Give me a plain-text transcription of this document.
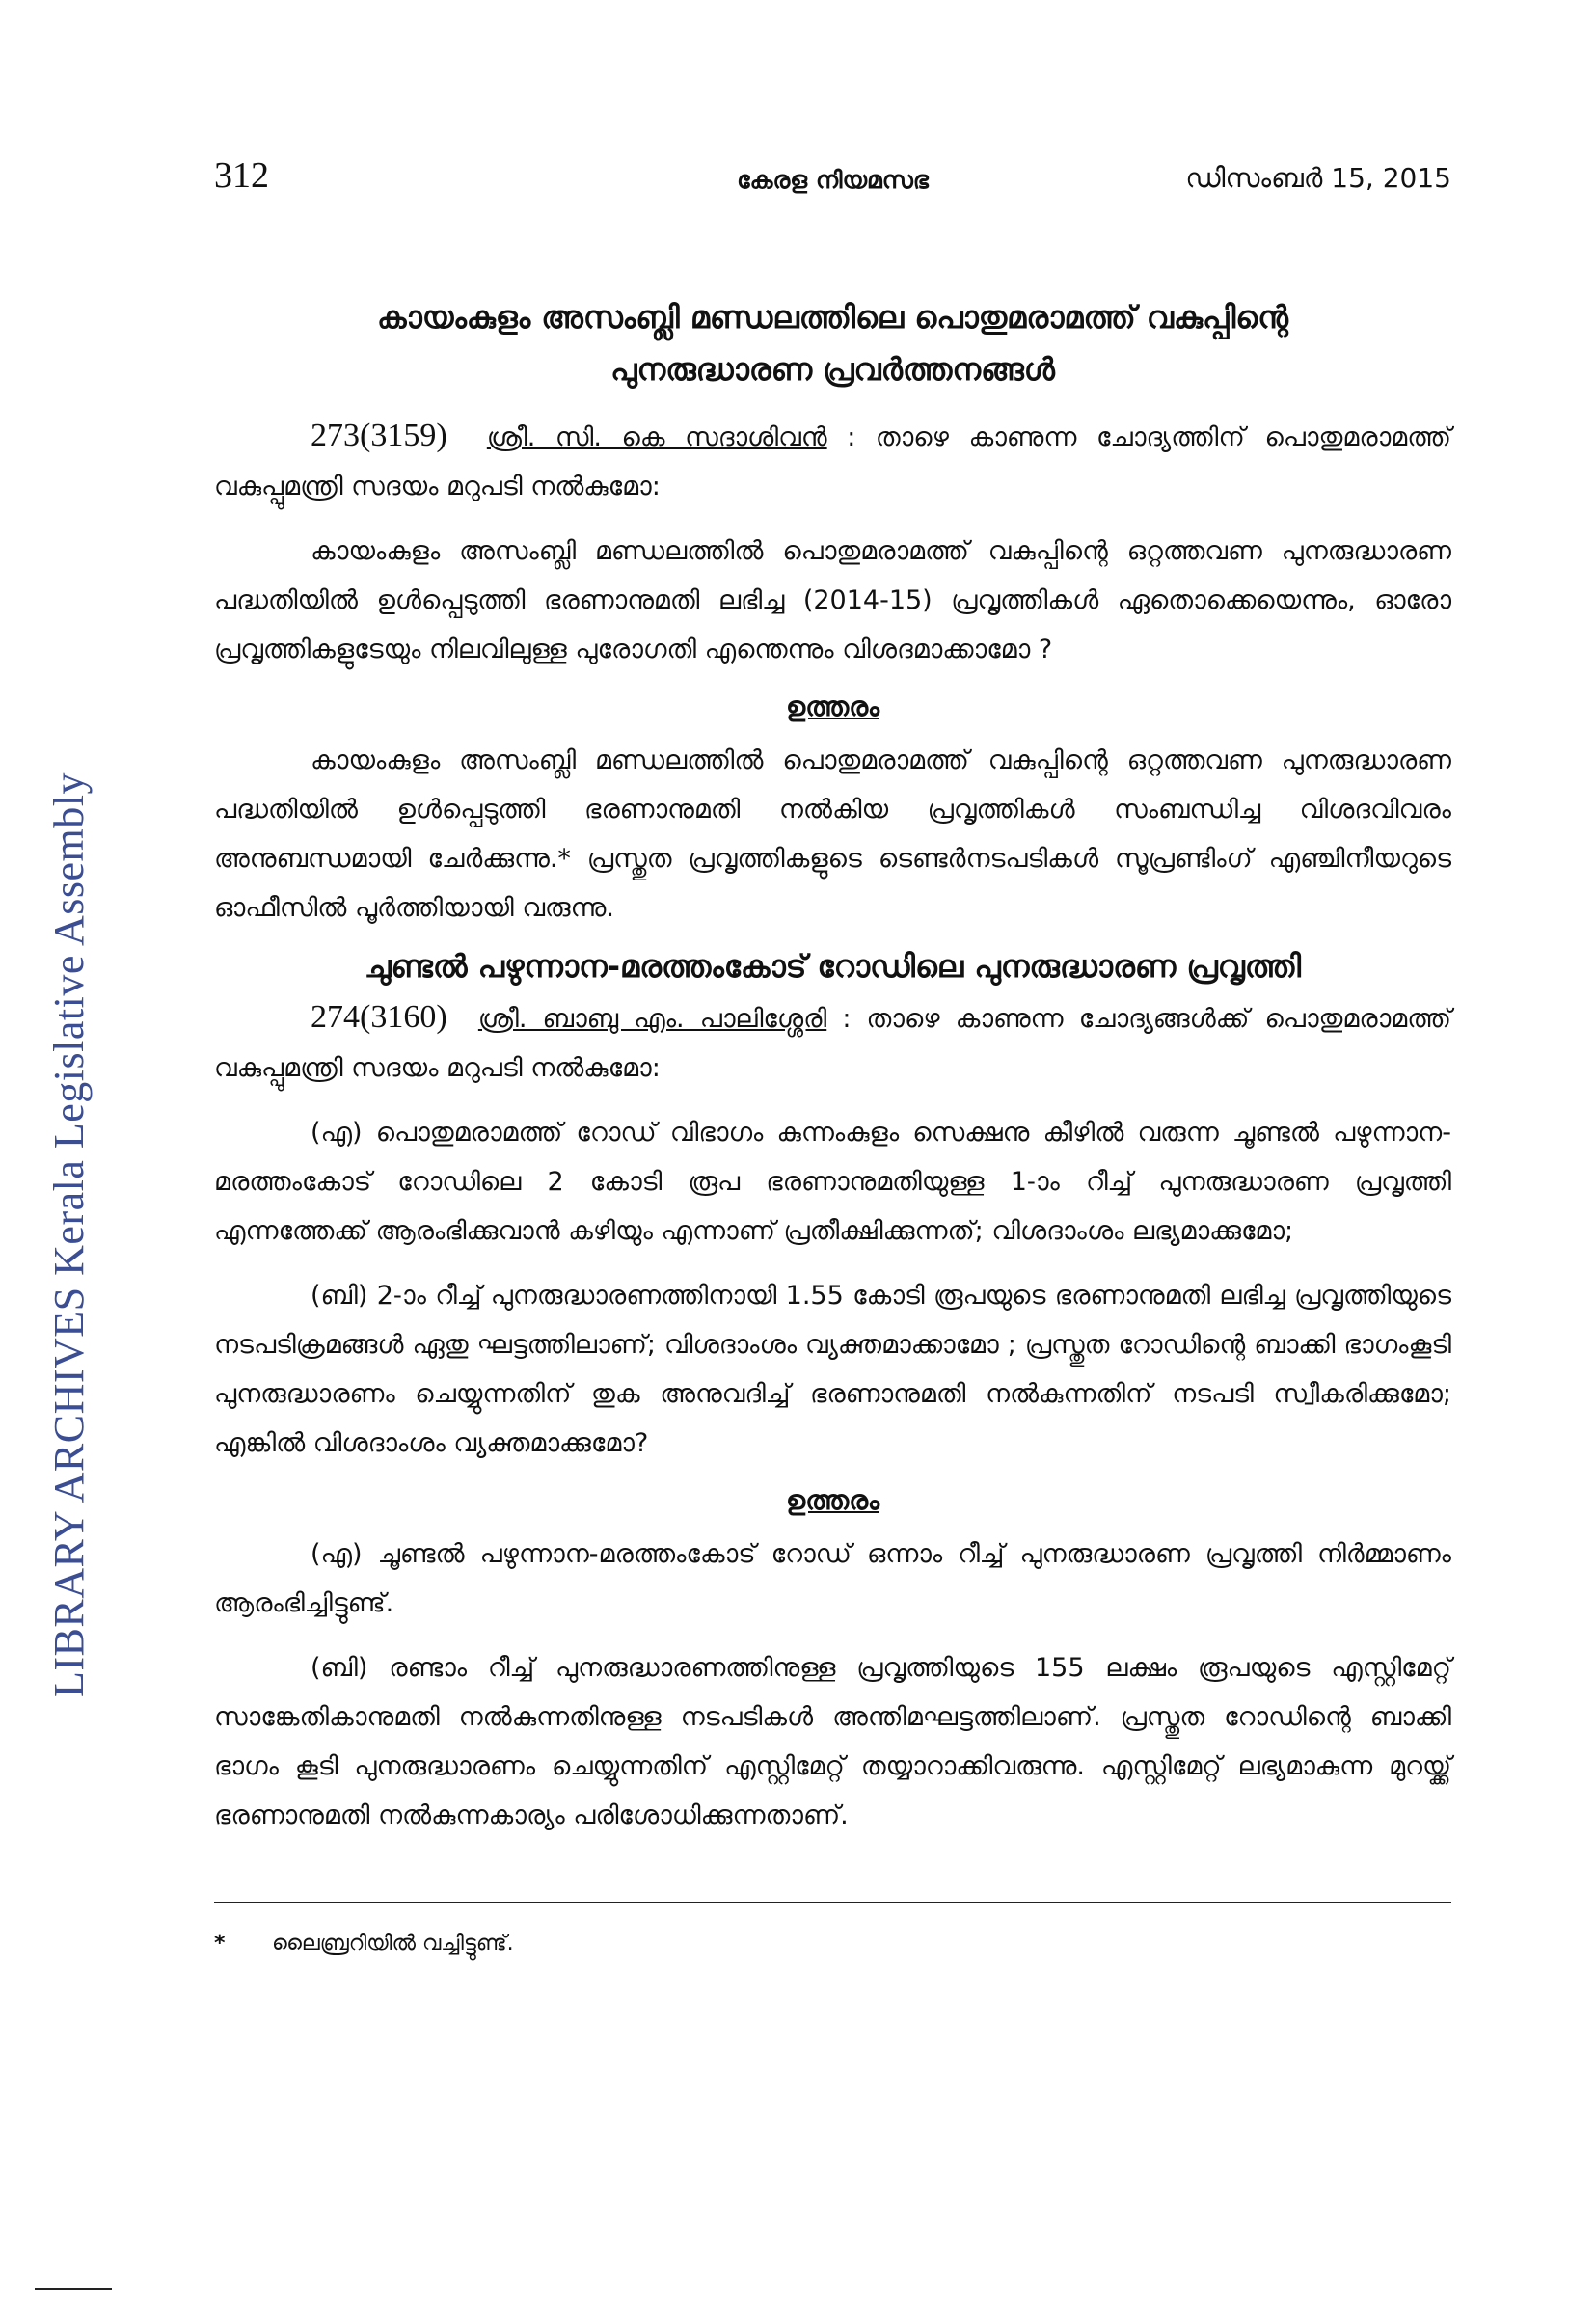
LIBRARY ARCHIVES Kerala Legislative Assembly
312	കേരള നിയമസഭ	ഡിസംബർ 15, 2015
കായംകുളം അസംബ്ലി മണ്ഡലത്തിലെ പൊതുമരാമത്ത് വകുപ്പിന്റെ
പുനരുദ്ധാരണ പ്രവർത്തനങ്ങൾ

273(3159) ശ്രീ. സി. കെ സദാശിവൻ : താഴെ കാണുന്ന ചോദ്യത്തിന് പൊതുമരാമത്ത് വകുപ്പുമന്ത്രി സദയം മറുപടി നൽകുമോ:

കായംകുളം അസംബ്ലി മണ്ഡലത്തിൽ പൊതുമരാമത്ത് വകുപ്പിന്റെ ഒറ്റത്തവണ പുനരുദ്ധാരണ പദ്ധതിയിൽ ഉൾപ്പെടുത്തി ഭരണാനുമതി ലഭിച്ച (2014-15) പ്രവൃത്തികൾ ഏതൊക്കെയെന്നും, ഓരോ പ്രവൃത്തികളുടേയും നിലവിലുള്ള പുരോഗതി എന്തെന്നും വിശദമാക്കാമോ ?

ഉത്തരം

കായംകുളം അസംബ്ലി മണ്ഡലത്തിൽ പൊതുമരാമത്ത് വകുപ്പിന്റെ ഒറ്റത്തവണ പുനരുദ്ധാരണ പദ്ധതിയിൽ ഉൾപ്പെടുത്തി ഭരണാനുമതി നൽകിയ പ്രവൃത്തികൾ സംബന്ധിച്ച വിശദവിവരം അനുബന്ധമായി ചേർക്കുന്നു.* പ്രസ്തുത പ്രവൃത്തികളുടെ ടെണ്ടർനടപടികൾ സൂപ്രണ്ടിംഗ് എഞ്ചിനീയറുടെ ഓഫീസിൽ പൂർത്തിയായി വരുന്നു.

ചുണ്ടൽ പഴുന്നാന-മരത്തംകോട് റോഡിലെ പുനരുദ്ധാരണ പ്രവൃത്തി

274(3160) ശ്രീ. ബാബു എം. പാലിശ്ശേരി : താഴെ കാണുന്ന ചോദ്യങ്ങൾക്ക് പൊതുമരാമത്ത് വകുപ്പുമന്ത്രി സദയം മറുപടി നൽകുമോ:

(എ) പൊതുമരാമത്ത് റോഡ് വിഭാഗം കുന്നംകുളം സെക്ഷനു കീഴിൽ വരുന്ന ചൂണ്ടൽ പഴുന്നാന-മരത്തംകോട് റോഡിലെ 2 കോടി രൂപ ഭരണാനുമതിയുള്ള 1-ാം റീച്ച് പുനരുദ്ധാരണ പ്രവൃത്തി എന്നത്തേക്ക് ആരംഭിക്കുവാൻ കഴിയും എന്നാണ് പ്രതീക്ഷിക്കുന്നത്; വിശദാംശം ലഭ്യമാക്കുമോ;

(ബി) 2-ാം റീച്ച് പുനരുദ്ധാരണത്തിനായി 1.55 കോടി രൂപയുടെ ഭരണാനുമതി ലഭിച്ച പ്രവൃത്തിയുടെ നടപടിക്രമങ്ങൾ ഏതു ഘട്ടത്തിലാണ്; വിശദാംശം വ്യക്തമാക്കാമോ ; പ്രസ്തുത റോഡിന്റെ ബാക്കി ഭാഗംകൂടി പുനരുദ്ധാരണം ചെയ്യുന്നതിന് തുക അനുവദിച്ച് ഭരണാനുമതി നൽകുന്നതിന് നടപടി സ്വീകരിക്കുമോ; എങ്കിൽ വിശദാംശം വ്യക്തമാക്കുമോ?

ഉത്തരം

(എ) ചൂണ്ടൽ പഴുന്നാന-മരത്തംകോട് റോഡ് ഒന്നാം റീച്ച് പുനരുദ്ധാരണ പ്രവൃത്തി നിർമ്മാണം ആരംഭിച്ചിട്ടുണ്ട്.

(ബി) രണ്ടാം റീച്ച് പുനരുദ്ധാരണത്തിനുള്ള പ്രവൃത്തിയുടെ 155 ലക്ഷം രൂപയുടെ എസ്റ്റിമേറ്റ് സാങ്കേതികാനുമതി നൽകുന്നതിനുള്ള നടപടികൾ അന്തിമഘട്ടത്തിലാണ്. പ്രസ്തുത റോഡിന്റെ ബാക്കി ഭാഗം കൂടി പുനരുദ്ധാരണം ചെയ്യുന്നതിന് എസ്റ്റിമേറ്റ് തയ്യാറാക്കിവരുന്നു. എസ്റ്റിമേറ്റ് ലഭ്യമാകുന്ന മുറയ്ക്ക് ഭരണാനുമതി നൽകുന്നകാര്യം പരിശോധിക്കുന്നതാണ്.

* ലൈബ്രറിയിൽ വച്ചിട്ടുണ്ട്.
